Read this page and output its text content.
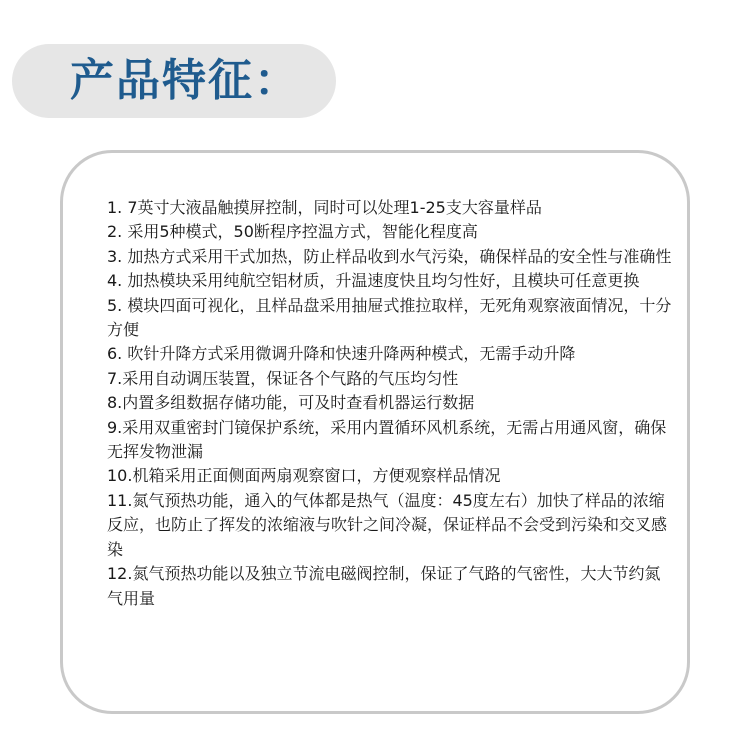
产品特征：
1. 7英寸大液晶触摸屏控制，同时可以处理1-25支大容量样品
2. 采用5种模式，50断程序控温方式，智能化程度高
3. 加热方式采用干式加热，防止样品收到水气污染，确保样品的安全性与准确性
4. 加热模块采用纯航空铝材质，升温速度快且均匀性好，且模块可任意更换
5. 模块四面可视化，且样品盘采用抽屉式推拉取样，无死角观察液面情况，十分方便
6. 吹针升降方式采用微调升降和快速升降两种模式，无需手动升降
7.采用自动调压装置，保证各个气路的气压均匀性
8.内置多组数据存储功能，可及时查看机器运行数据
9.采用双重密封门镜保护系统，采用内置循环风机系统，无需占用通风窗，确保无挥发物泄漏
10.机箱采用正面侧面两扇观察窗口，方便观察样品情况
11.氮气预热功能，通入的气体都是热气（温度：45度左右）加快了样品的浓缩反应，也防止了挥发的浓缩液与吹针之间冷凝，保证样品不会受到污染和交叉感染
12.氮气预热功能以及独立节流电磁阀控制，保证了气路的气密性，大大节约氮气用量
